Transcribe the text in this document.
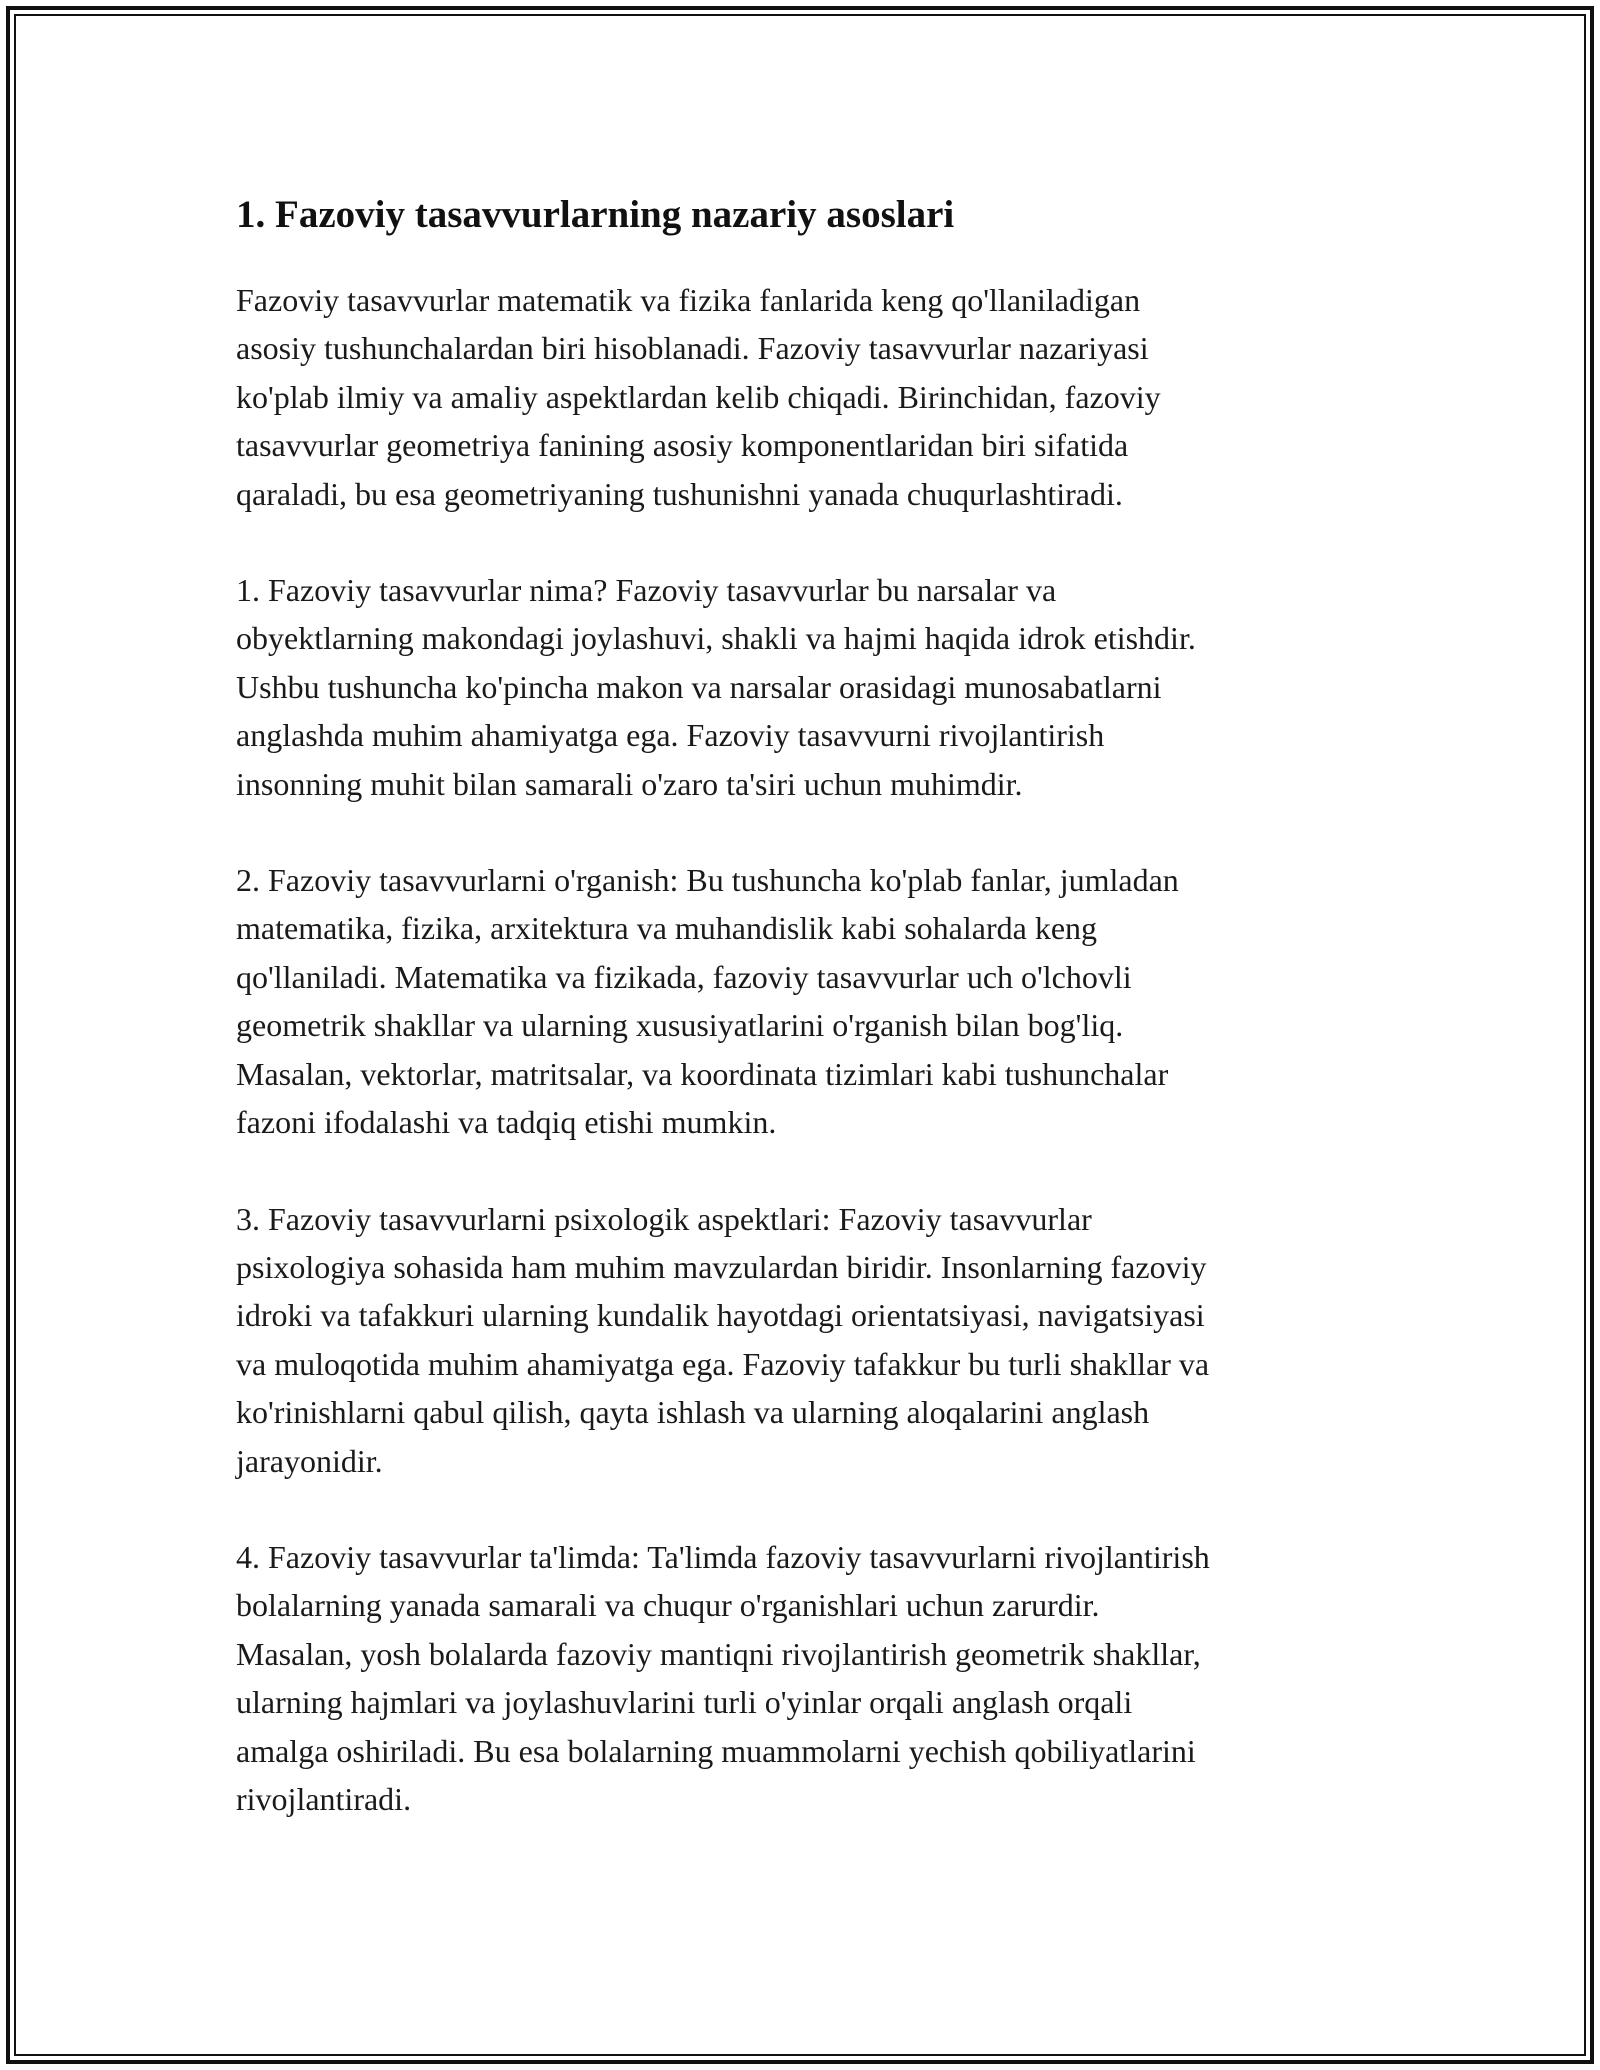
1. Fazoviy tasavvurlarning nazariy asoslari

Fazoviy tasavvurlar matematik va fizika fanlarida keng qo'llaniladigan
asosiy tushunchalardan biri hisoblanadi. Fazoviy tasavvurlar nazariyasi
ko'plab ilmiy va amaliy aspektlardan kelib chiqadi. Birinchidan, fazoviy
tasavvurlar geometriya fanining asosiy komponentlaridan biri sifatida
qaraladi, bu esa geometriyaning tushunishni yanada chuqurlashtiradi.

1. Fazoviy tasavvurlar nima? Fazoviy tasavvurlar bu narsalar va
obyektlarning makondagi joylashuvi, shakli va hajmi haqida idrok etishdir.
Ushbu tushuncha ko'pincha makon va narsalar orasidagi munosabatlarni
anglashda muhim ahamiyatga ega. Fazoviy tasavvurni rivojlantirish
insonning muhit bilan samarali o'zaro ta'siri uchun muhimdir.

2. Fazoviy tasavvurlarni o'rganish: Bu tushuncha ko'plab fanlar, jumladan
matematika, fizika, arxitektura va muhandislik kabi sohalarda keng
qo'llaniladi. Matematika va fizikada, fazoviy tasavvurlar uch o'lchovli
geometrik shakllar va ularning xususiyatlarini o'rganish bilan bog'liq.
Masalan, vektorlar, matritsalar, va koordinata tizimlari kabi tushunchalar
fazoni ifodalashi va tadqiq etishi mumkin.

3. Fazoviy tasavvurlarni psixologik aspektlari: Fazoviy tasavvurlar
psixologiya sohasida ham muhim mavzulardan biridir. Insonlarning fazoviy
idroki va tafakkuri ularning kundalik hayotdagi orientatsiyasi, navigatsiyasi
va muloqotida muhim ahamiyatga ega. Fazoviy tafakkur bu turli shakllar va
ko'rinishlarni qabul qilish, qayta ishlash va ularning aloqalarini anglash
jarayonidir.

4. Fazoviy tasavvurlar ta'limda: Ta'limda fazoviy tasavvurlarni rivojlantirish
bolalarning yanada samarali va chuqur o'rganishlari uchun zarurdir.
Masalan, yosh bolalarda fazoviy mantiqni rivojlantirish geometrik shakllar,
ularning hajmlari va joylashuvlarini turli o'yinlar orqali anglash orqali
amalga oshiriladi. Bu esa bolalarning muammolarni yechish qobiliyatlarini
rivojlantiradi.
